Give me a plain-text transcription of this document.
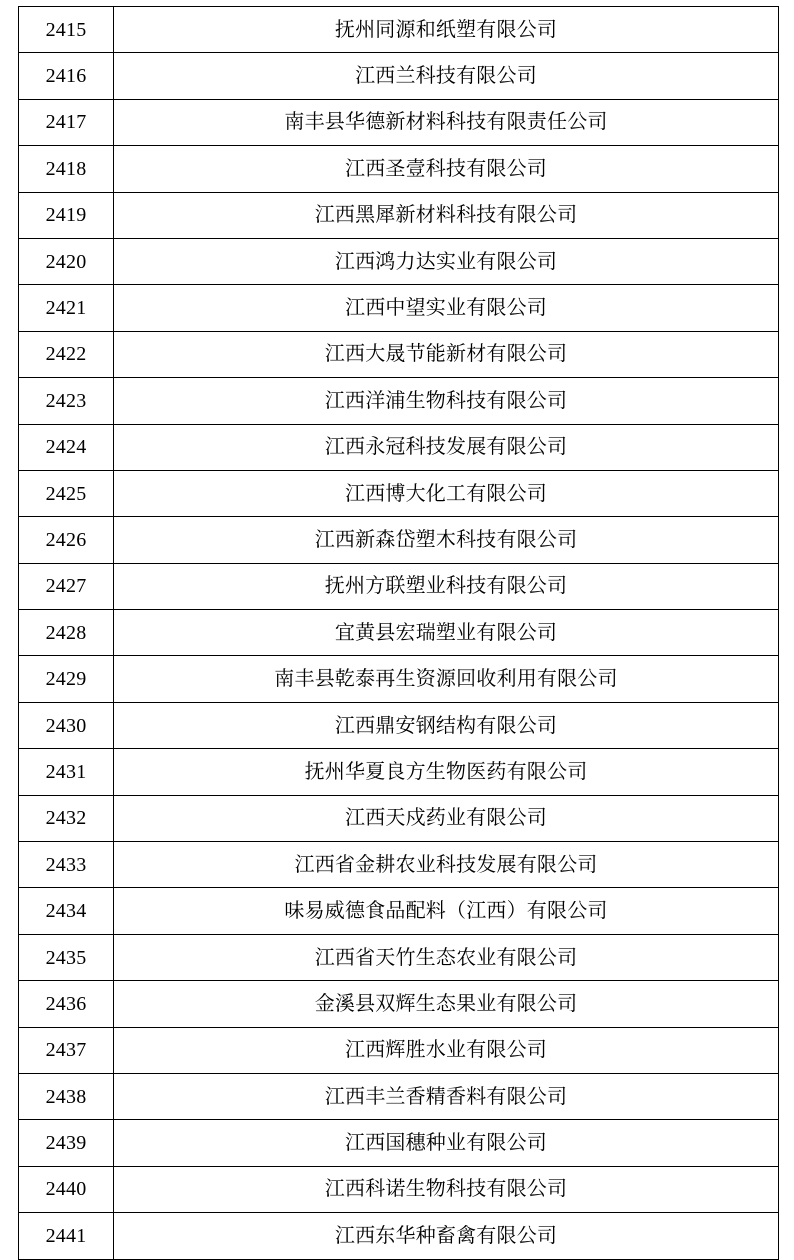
2415	抚州同源和纸塑有限公司
2416	江西兰科技有限公司
2417	南丰县华德新材料科技有限责任公司
2418	江西圣壹科技有限公司
2419	江西黑犀新材料科技有限公司
2420	江西鸿力达实业有限公司
2421	江西中望实业有限公司
2422	江西大晟节能新材有限公司
2423	江西洋浦生物科技有限公司
2424	江西永冠科技发展有限公司
2425	江西博大化工有限公司
2426	江西新森岱塑木科技有限公司
2427	抚州方联塑业科技有限公司
2428	宜黄县宏瑞塑业有限公司
2429	南丰县乾泰再生资源回收利用有限公司
2430	江西鼎安钢结构有限公司
2431	抚州华夏良方生物医药有限公司
2432	江西天戍药业有限公司
2433	江西省金耕农业科技发展有限公司
2434	味易威德食品配料（江西）有限公司
2435	江西省天竹生态农业有限公司
2436	金溪县双辉生态果业有限公司
2437	江西辉胜水业有限公司
2438	江西丰兰香精香料有限公司
2439	江西国穗种业有限公司
2440	江西科诺生物科技有限公司
2441	江西东华种畜禽有限公司
